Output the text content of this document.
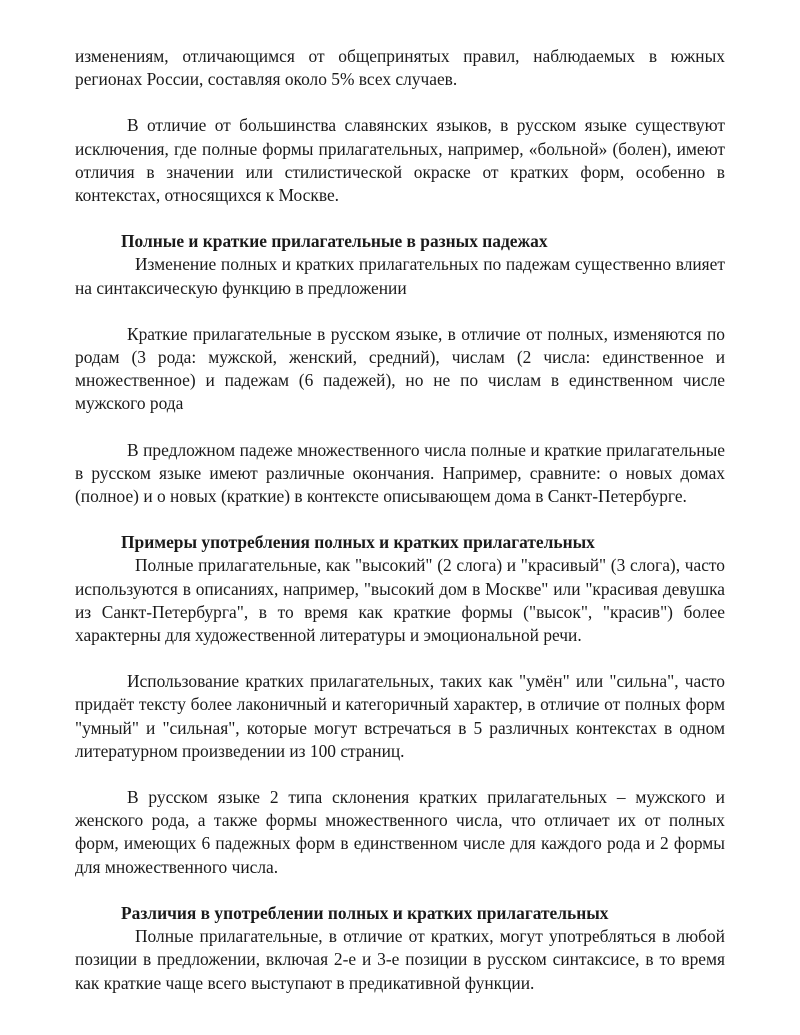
изменениям, отличающимся от общепринятых правил, наблюдаемых в южных регионах России, составляя около 5% всех случаев.

В отличие от большинства славянских языков, в русском языке существуют исключения, где полные формы прилагательных, например, «больной» (болен), имеют отличия в значении или стилистической окраске от кратких форм, особенно в контекстах, относящихся к Москве.

Полные и краткие прилагательные в разных падежах

Изменение полных и кратких прилагательных по падежам существенно влияет на синтаксическую функцию в предложении

Краткие прилагательные в русском языке, в отличие от полных, изменяются по родам (3 рода: мужской, женский, средний), числам (2 числа: единственное и множественное) и падежам (6 падежей), но не по числам в единственном числе мужского рода

В предложном падеже множественного числа полные и краткие прилагательные в русском языке имеют различные окончания. Например, сравните: о новых домах (полное) и о новых (краткие) в контексте описывающем дома в Санкт-Петербурге.

Примеры употребления полных и кратких прилагательных

Полные прилагательные, как "высокий" (2 слога) и "красивый" (3 слога), часто используются в описаниях, например, "высокий дом в Москве" или "красивая девушка из Санкт-Петербурга", в то время как краткие формы ("высок", "красив") более характерны для художественной литературы и эмоциональной речи.

Использование кратких прилагательных, таких как "умён" или "сильна", часто придаёт тексту более лаконичный и категоричный характер, в отличие от полных форм "умный" и "сильная", которые могут встречаться в 5 различных контекстах в одном литературном произведении из 100 страниц.

В русском языке 2 типа склонения кратких прилагательных – мужского и женского рода, а также формы множественного числа, что отличает их от полных форм, имеющих 6 падежных форм в единственном числе для каждого рода и 2 формы для множественного числа.

Различия в употреблении полных и кратких прилагательных

Полные прилагательные, в отличие от кратких, могут употребляться в любой позиции в предложении, включая 2-е и 3-е позиции в русском синтаксисе, в то время как краткие чаще всего выступают в предикативной функции.
